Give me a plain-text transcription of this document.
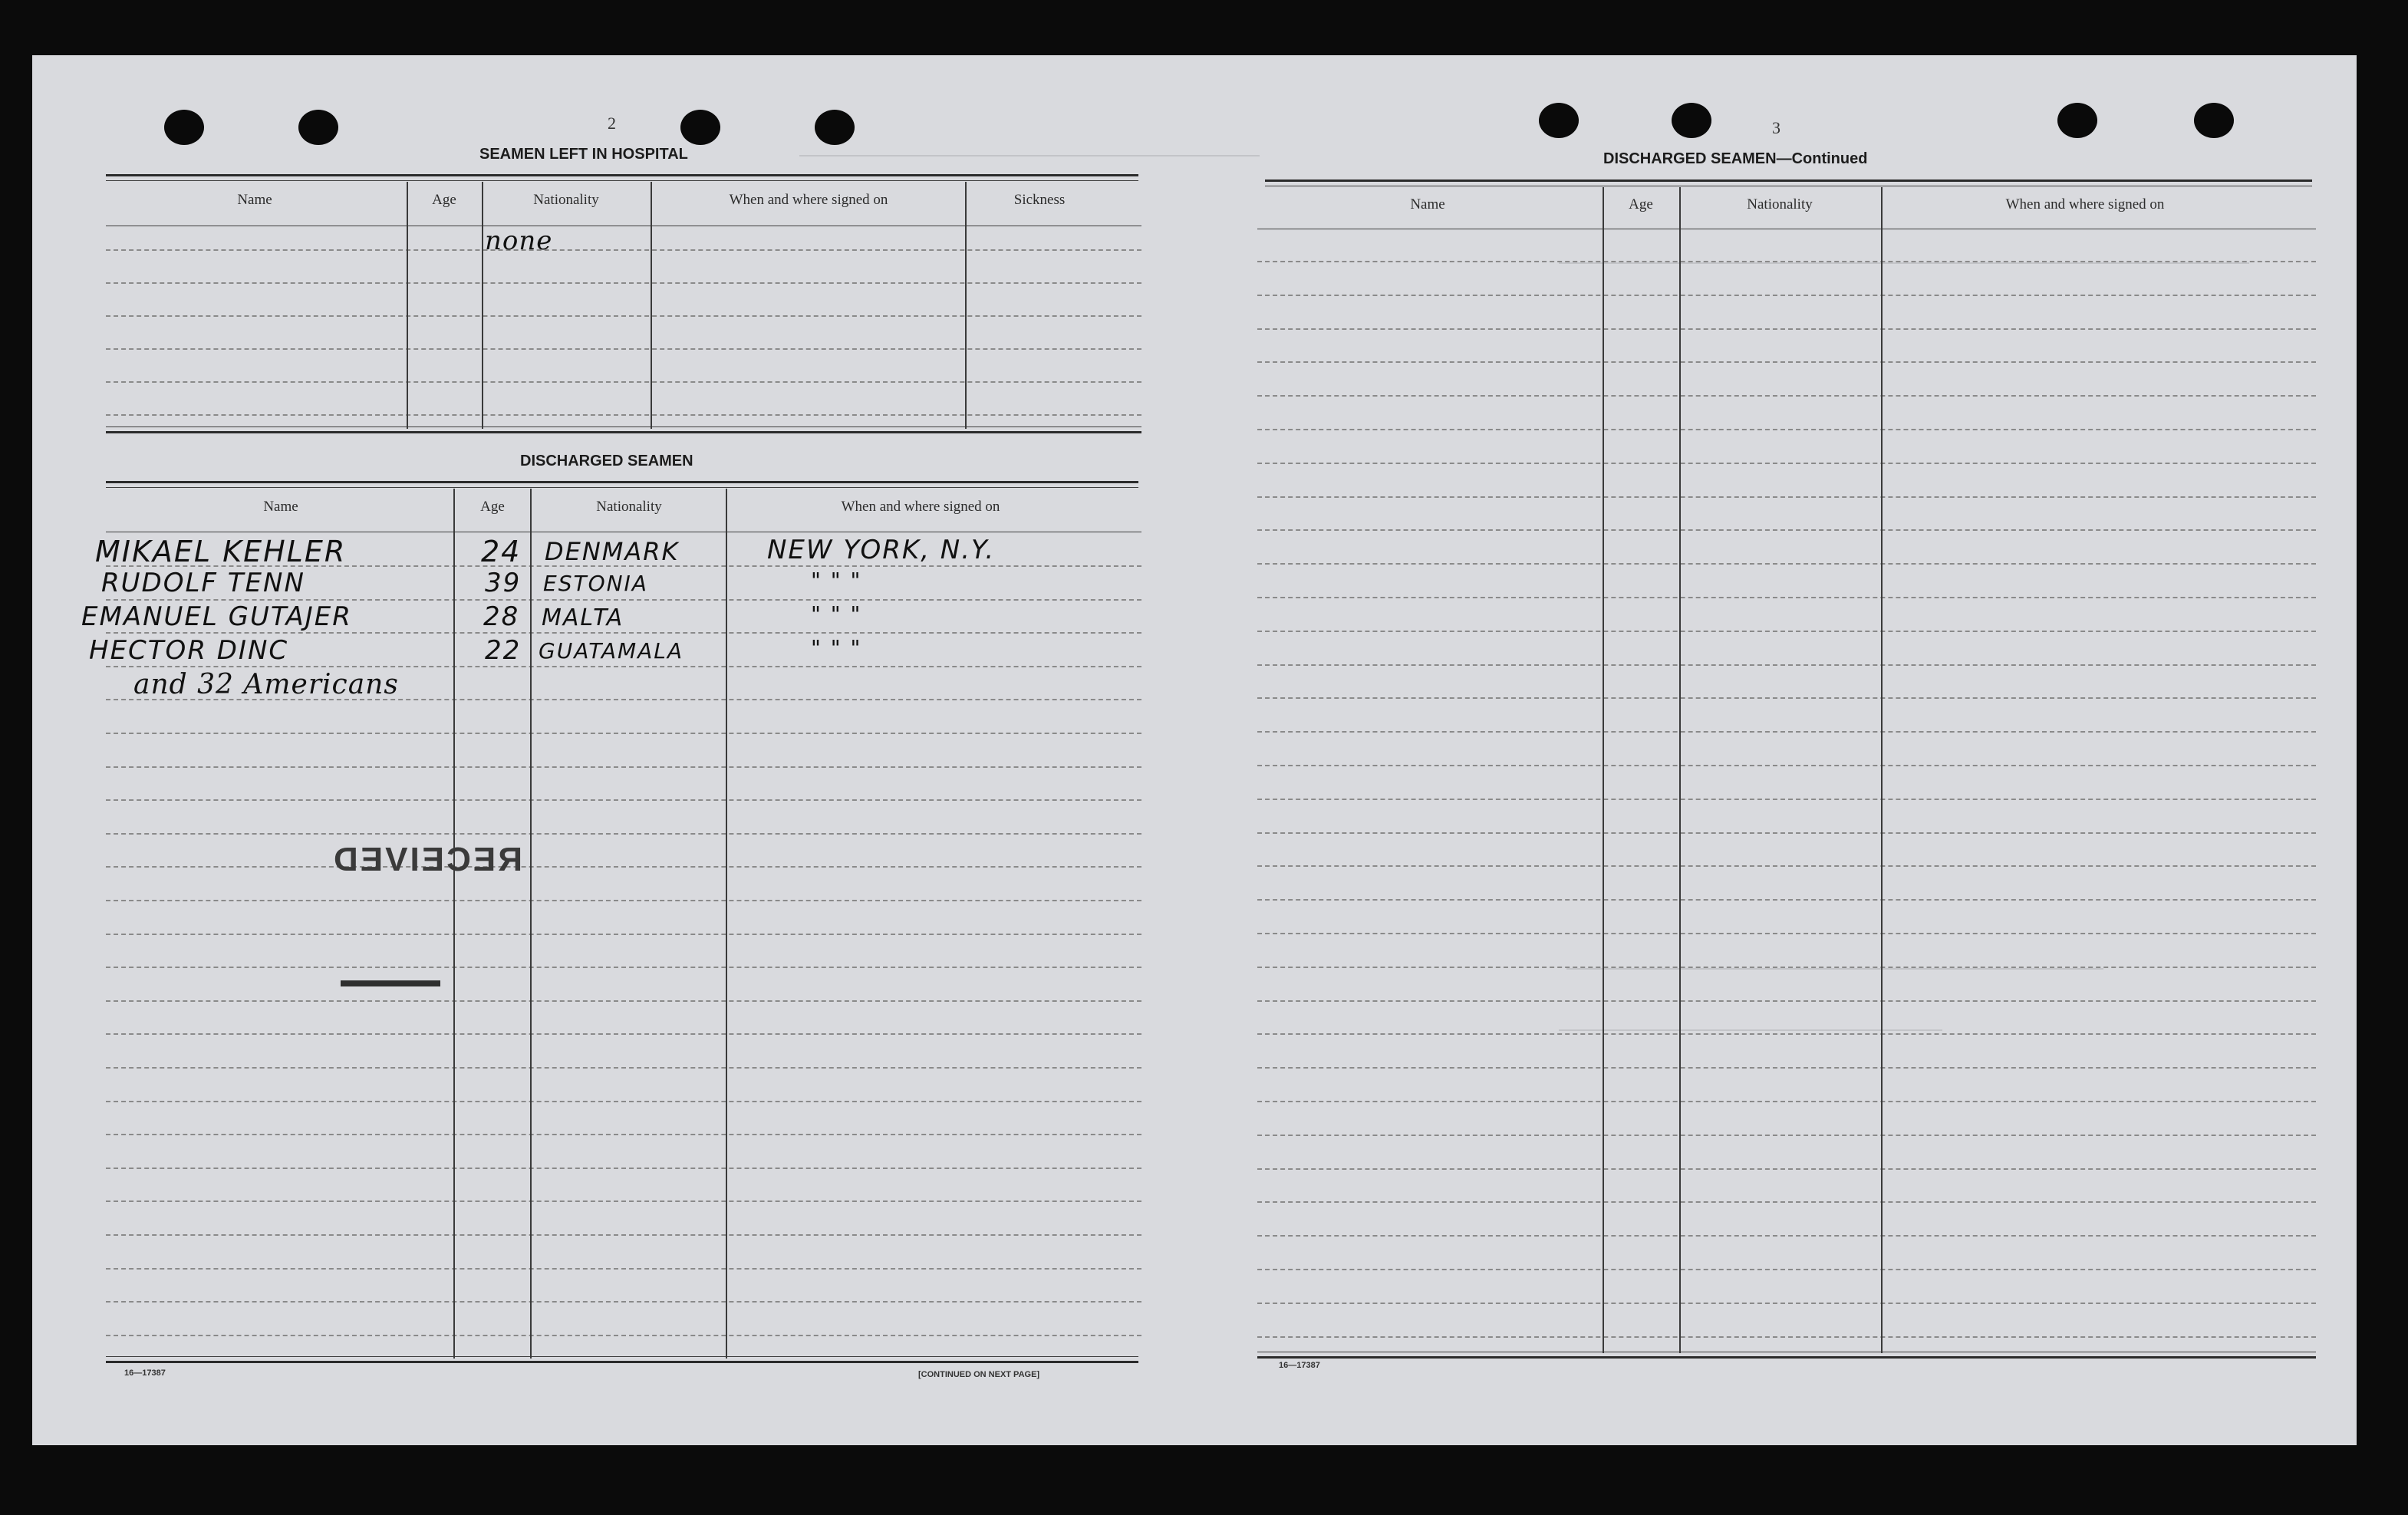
2
SEAMEN LEFT IN HOSPITAL
Name	Age	Nationality	When and where signed on	Sickness
none
DISCHARGED SEAMEN
Name	Age	Nationality	When and where signed on
MIKAEL KEHLER	24 DENMARK	NEW YORK, N.Y.
RUDOLF TENN	39 ESTONIA	" " "
EMANUEL GUTAJER	28 MALTA	" " "
HECTOR DINC	22 GUATAMALA	" " "
and 32 Americans
RECEIVED
▬▬▬▬▬
16—17387	[CONTINUED ON NEXT PAGE]
3
DISCHARGED SEAMEN—Continued
Name	Age	Nationality	When and where signed on
16—17387
